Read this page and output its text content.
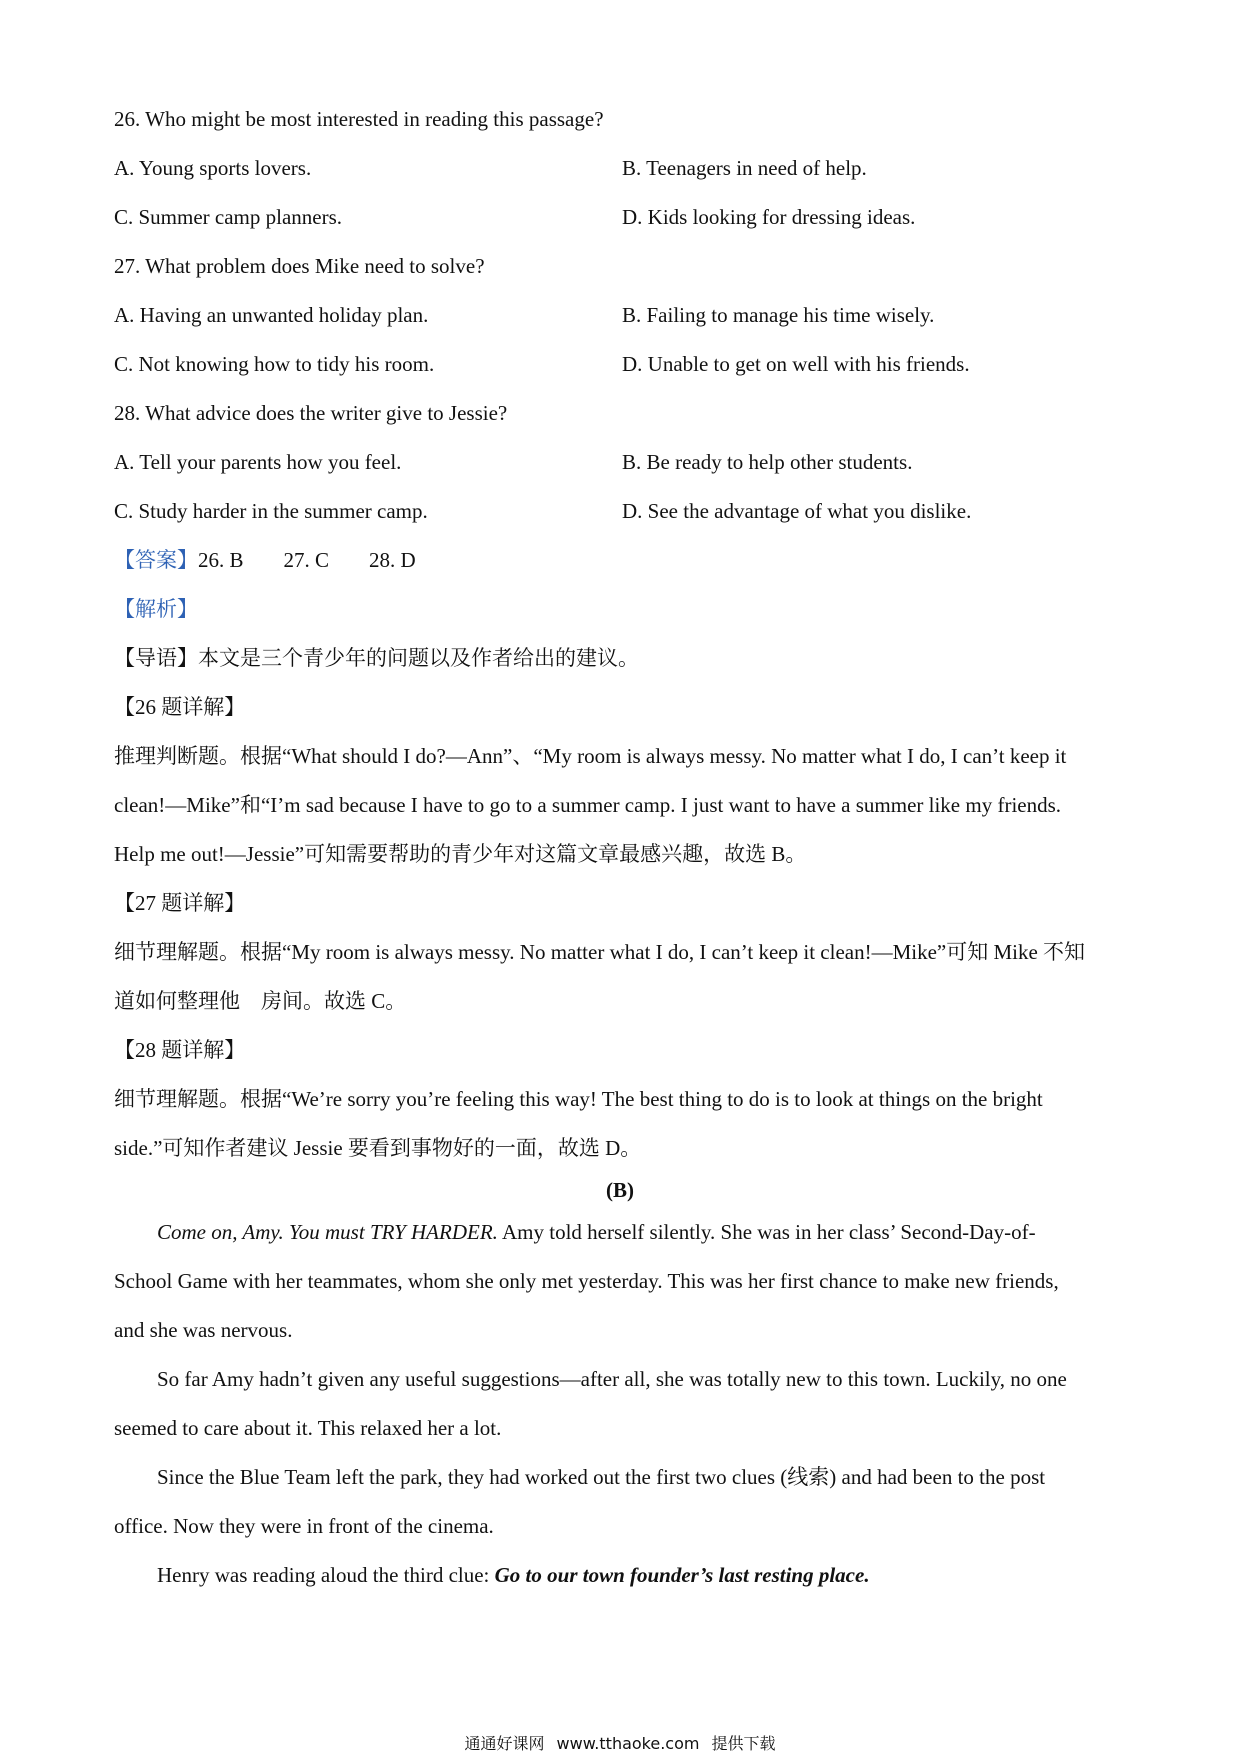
26. Who might be most interested in reading this passage?
A. Young sports lovers.	B. Teenagers in need of help.
C. Summer camp planners.	D. Kids looking for dressing ideas.
27. What problem does Mike need to solve?
A. Having an unwanted holiday plan.	B. Failing to manage his time wisely.
C. Not knowing how to tidy his room.	D. Unable to get on well with his friends.
28. What advice does the writer give to Jessie?
A. Tell your parents how you feel.	B. Be ready to help other students.
C. Study harder in the summer camp.	D. See the advantage of what you dislike.
【答案】26. B 27. C 28. D
【解析】
【导语】本文是三个青少年的问题以及作者给出的建议。
【26 题详解】
推理判断题。根据“What should I do?—Ann”、“My room is always messy. No matter what I do, I can’t keep it
clean!—Mike”和“I’m sad because I have to go to a summer camp. I just want to have a summer like my friends.
Help me out!—Jessie”可知需要帮助的青少年对这篇文章最感兴趣，故选 B。
【27 题详解】
细节理解题。根据“My room is always messy. No matter what I do, I can’t keep it clean!—Mike”可知 Mike 不知
道如何整理他　房间。故选 C。
【28 题详解】
细节理解题。根据“We’re sorry you’re feeling this way! The best thing to do is to look at things on the bright
side.”可知作者建议 Jessie 要看到事物好的一面，故选 D。
(B)
Come on, Amy. You must TRY HARDER. Amy told herself silently. She was in her class’ Second-Day-of-
School Game with her teammates, whom she only met yesterday. This was her first chance to make new friends,
and she was nervous.
So far Amy hadn’t given any useful suggestions—after all, she was totally new to this town. Luckily, no one
seemed to care about it. This relaxed her a lot.
Since the Blue Team left the park, they had worked out the first two clues (线索) and had been to the post
office. Now they were in front of the cinema.
Henry was reading aloud the third clue: Go to our town founder’s last resting place.
通通好课网 www.tthaoke.com 提供下载
